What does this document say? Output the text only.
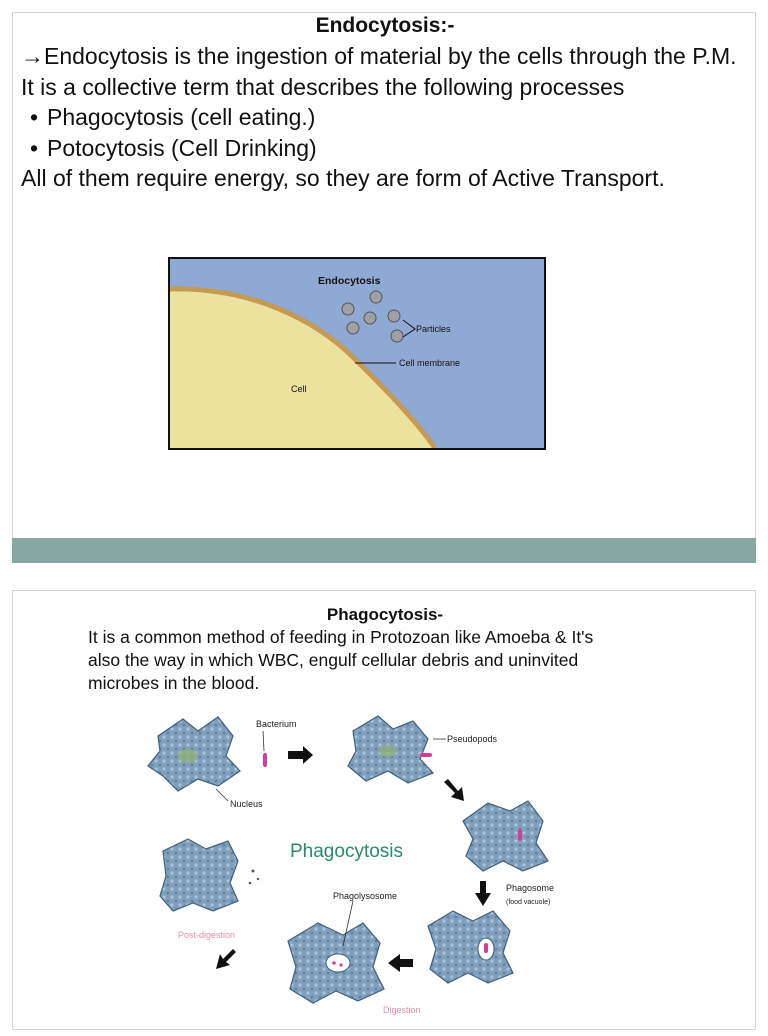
Endocytosis:-

→Endocytosis is the ingestion of material by the cells through the P.M.

It is a collective term that describes the following processes

• Phagocytosis (cell eating.)

• Potocytosis (Cell Drinking)

All of them require energy, so they are form of Active Transport.

Endocytosis
Particles
Cell membrane
Cell
Phagocytosis-

It is a common method of feeding in Protozoan like Amoeba & It's also the way in which WBC, engulf cellular debris and uninvited microbes in the blood.

Bacterium
Nucleus
Pseudopods
Phagocytosis
Post-digestion
Phagosome
(food vacuole)
Phagolysosome
Digestion
